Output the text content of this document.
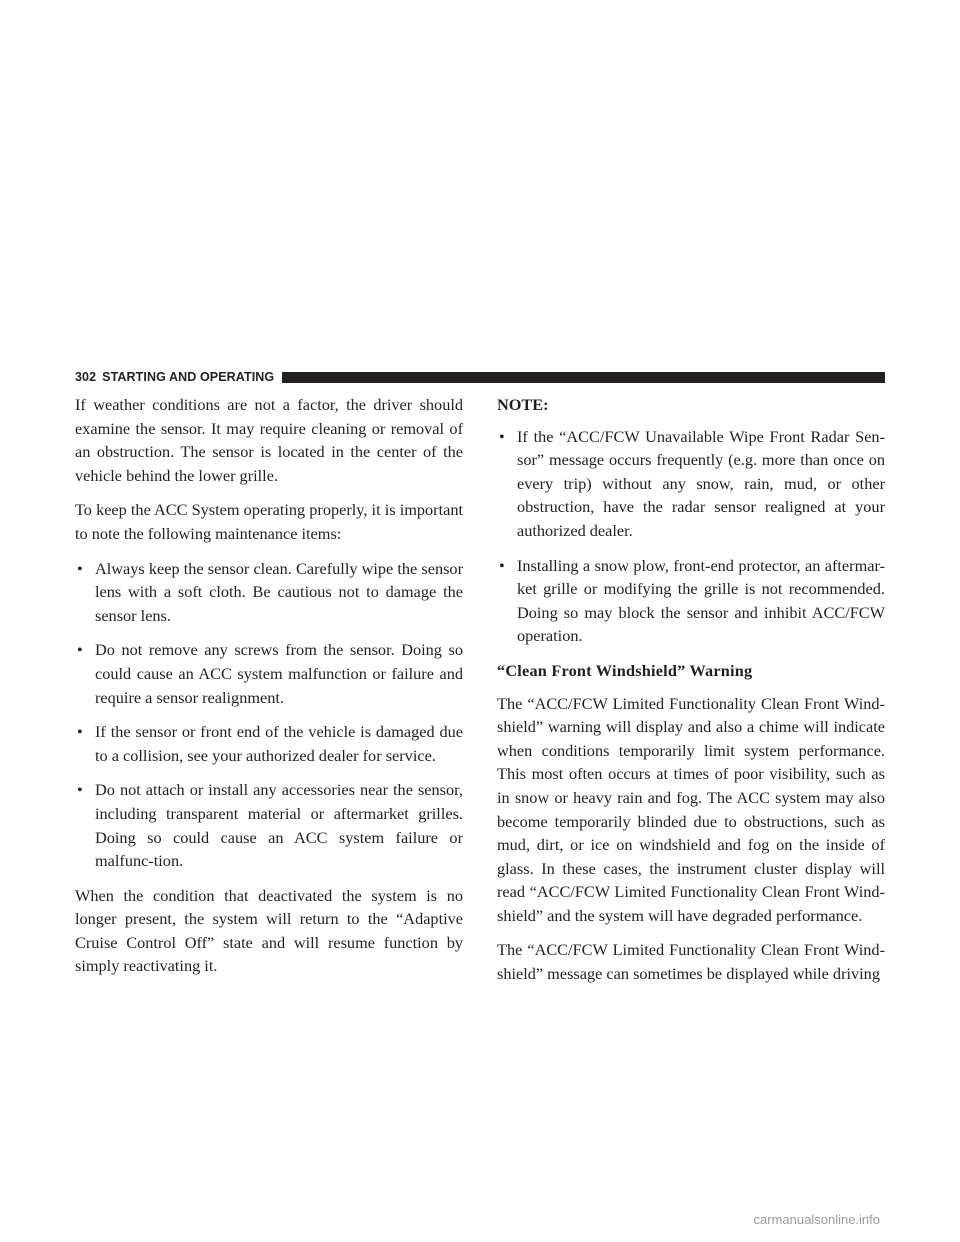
302 STARTING AND OPERATING

If weather conditions are not a factor, the driver should examine the sensor. It may require cleaning or removal of an obstruction. The sensor is located in the center of the vehicle behind the lower grille.

To keep the ACC System operating properly, it is important to note the following maintenance items:

• Always keep the sensor clean. Carefully wipe the sensor lens with a soft cloth. Be cautious not to damage the sensor lens.
• Do not remove any screws from the sensor. Doing so could cause an ACC system malfunction or failure and require a sensor realignment.
• If the sensor or front end of the vehicle is damaged due to a collision, see your authorized dealer for service.
• Do not attach or install any accessories near the sensor, including transparent material or aftermarket grilles. Doing so could cause an ACC system failure or malfunc-tion.

When the condition that deactivated the system is no longer present, the system will return to the “Adaptive Cruise Control Off” state and will resume function by simply reactivating it.

NOTE:

• If the “ACC/FCW Unavailable Wipe Front Radar Sen-sor” message occurs frequently (e.g. more than once on every trip) without any snow, rain, mud, or other obstruction, have the radar sensor realigned at your authorized dealer.
• Installing a snow plow, front-end protector, an aftermar-ket grille or modifying the grille is not recommended. Doing so may block the sensor and inhibit ACC/FCW operation.

“Clean Front Windshield” Warning

The “ACC/FCW Limited Functionality Clean Front Wind-shield” warning will display and also a chime will indicate when conditions temporarily limit system performance. This most often occurs at times of poor visibility, such as in snow or heavy rain and fog. The ACC system may also become temporarily blinded due to obstructions, such as mud, dirt, or ice on windshield and fog on the inside of glass. In these cases, the instrument cluster display will read “ACC/FCW Limited Functionality Clean Front Wind-shield” and the system will have degraded performance.

The “ACC/FCW Limited Functionality Clean Front Wind-shield” message can sometimes be displayed while driving

carmanualsonline.info
